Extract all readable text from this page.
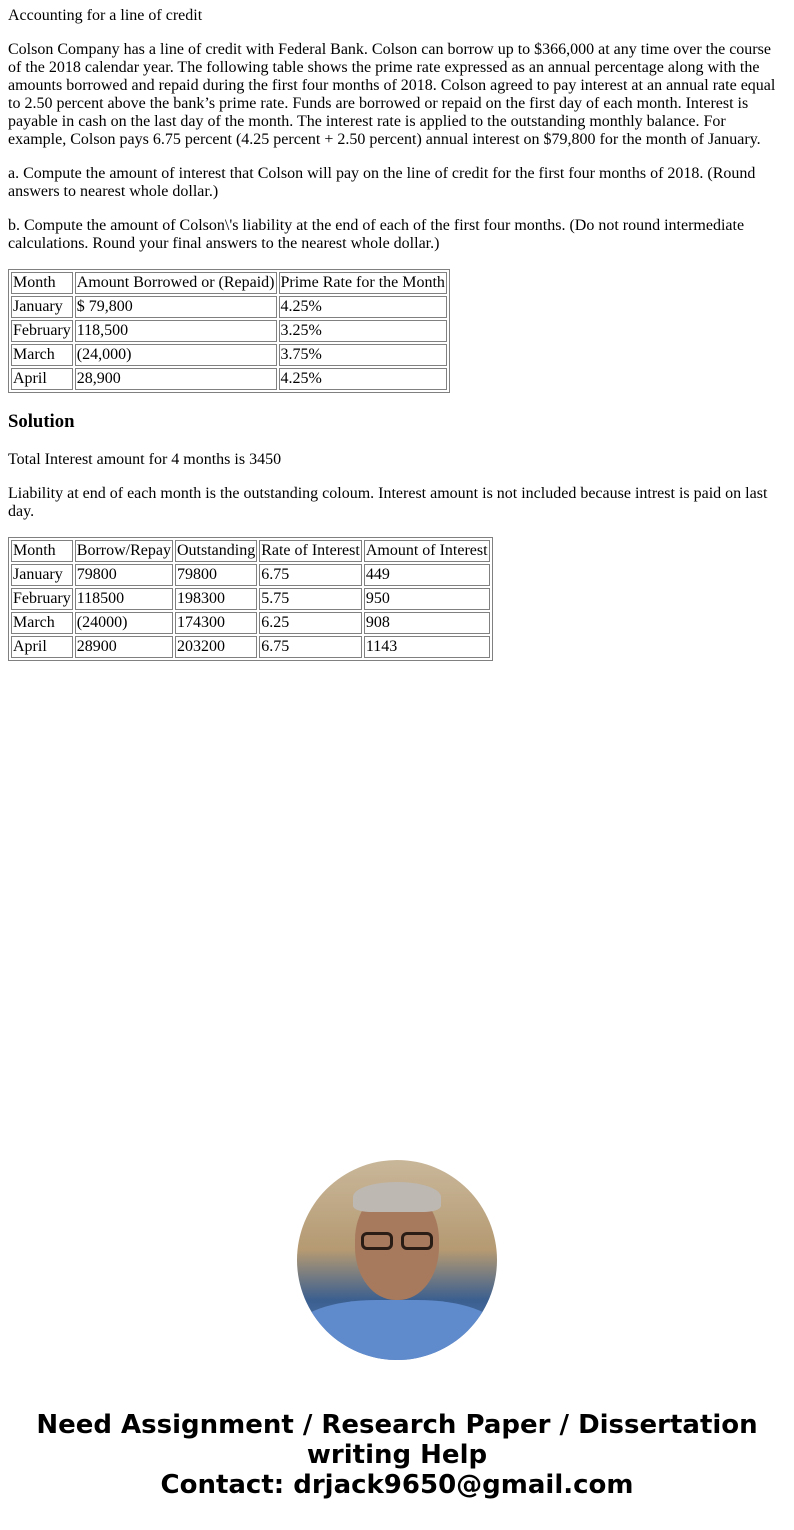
Accounting for a line of credit

Colson Company has a line of credit with Federal Bank. Colson can borrow up to $366,000 at any time over the course of the 2018 calendar year. The following table shows the prime rate expressed as an annual percentage along with the amounts borrowed and repaid during the first four months of 2018. Colson agreed to pay interest at an annual rate equal to 2.50 percent above the bank’s prime rate. Funds are borrowed or repaid on the first day of each month. Interest is payable in cash on the last day of the month. The interest rate is applied to the outstanding monthly balance. For example, Colson pays 6.75 percent (4.25 percent + 2.50 percent) annual interest on $79,800 for the month of January.

a. Compute the amount of interest that Colson will pay on the line of credit for the first four months of 2018. (Round answers to nearest whole dollar.)

b. Compute the amount of Colson\'s liability at the end of each of the first four months. (Do not round intermediate calculations. Round your final answers to the nearest whole dollar.)

Month	Amount Borrowed or (Repaid)	Prime Rate for the Month
January	$ 79,800	4.25%
February	118,500	3.25%
March	(24,000)	3.75%
April	28,900	4.25%
Solution

Total Interest amount for 4 months is 3450

Liability at end of each month is the outstanding coloum. Interest amount is not included because intrest is paid on last day.

Month	Borrow/Repay	Outstanding	Rate of Interest	Amount of Interest
January	79800	79800	6.75	449
February	118500	198300	5.75	950
March	(24000)	174300	6.25	908
April	28900	203200	6.75	1143
Need Assignment / Research Paper / Dissertation writing Help
Contact: drjack9650@gmail.com
